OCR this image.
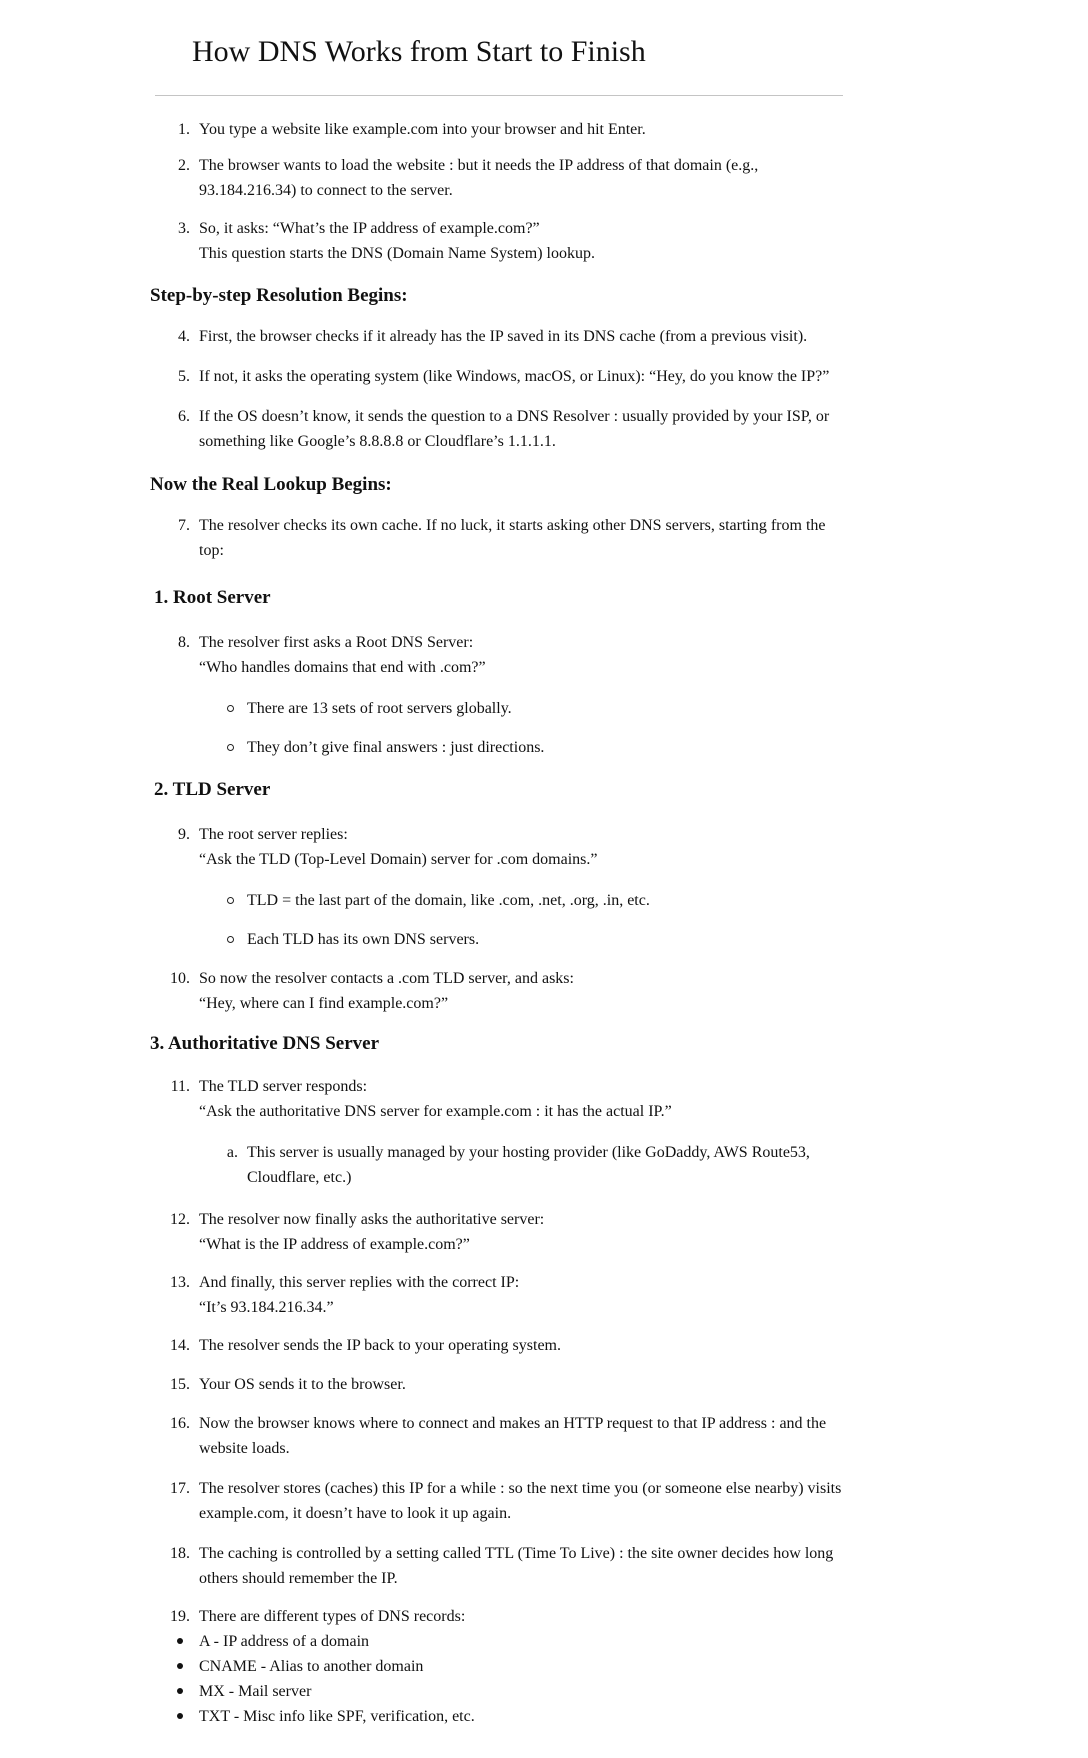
How DNS Works from Start to Finish
1. You type a website like example.com into your browser and hit Enter.
2. The browser wants to load the website : but it needs the IP address of that domain (e.g., 93.184.216.34) to connect to the server.
3. So, it asks: “What’s the IP address of example.com?”
This question starts the DNS (Domain Name System) lookup.
Step-by-step Resolution Begins:
4. First, the browser checks if it already has the IP saved in its DNS cache (from a previous visit).
5. If not, it asks the operating system (like Windows, macOS, or Linux): “Hey, do you know the IP?”
6. If the OS doesn’t know, it sends the question to a DNS Resolver : usually provided by your ISP, or something like Google’s 8.8.8.8 or Cloudflare’s 1.1.1.1.
Now the Real Lookup Begins:
7. The resolver checks its own cache. If no luck, it starts asking other DNS servers, starting from the top:
1. Root Server
8. The resolver first asks a Root DNS Server:
“Who handles domains that end with .com?”
There are 13 sets of root servers globally.
They don’t give final answers : just directions.
2. TLD Server
9. The root server replies:
“Ask the TLD (Top-Level Domain) server for .com domains.”
TLD = the last part of the domain, like .com, .net, .org, .in, etc.
Each TLD has its own DNS servers.
10. So now the resolver contacts a .com TLD server, and asks:
“Hey, where can I find example.com?”
3. Authoritative DNS Server
11. The TLD server responds:
“Ask the authoritative DNS server for example.com : it has the actual IP.”
a. This server is usually managed by your hosting provider (like GoDaddy, AWS Route53, Cloudflare, etc.)
12. The resolver now finally asks the authoritative server:
“What is the IP address of example.com?”
13. And finally, this server replies with the correct IP:
“It’s 93.184.216.34.”
14. The resolver sends the IP back to your operating system.
15. Your OS sends it to the browser.
16. Now the browser knows where to connect and makes an HTTP request to that IP address : and the website loads.
17. The resolver stores (caches) this IP for a while : so the next time you (or someone else nearby) visits example.com, it doesn’t have to look it up again.
18. The caching is controlled by a setting called TTL (Time To Live) : the site owner decides how long others should remember the IP.
19. There are different types of DNS records:
A - IP address of a domain
CNAME - Alias to another domain
MX - Mail server
TXT - Misc info like SPF, verification, etc.
